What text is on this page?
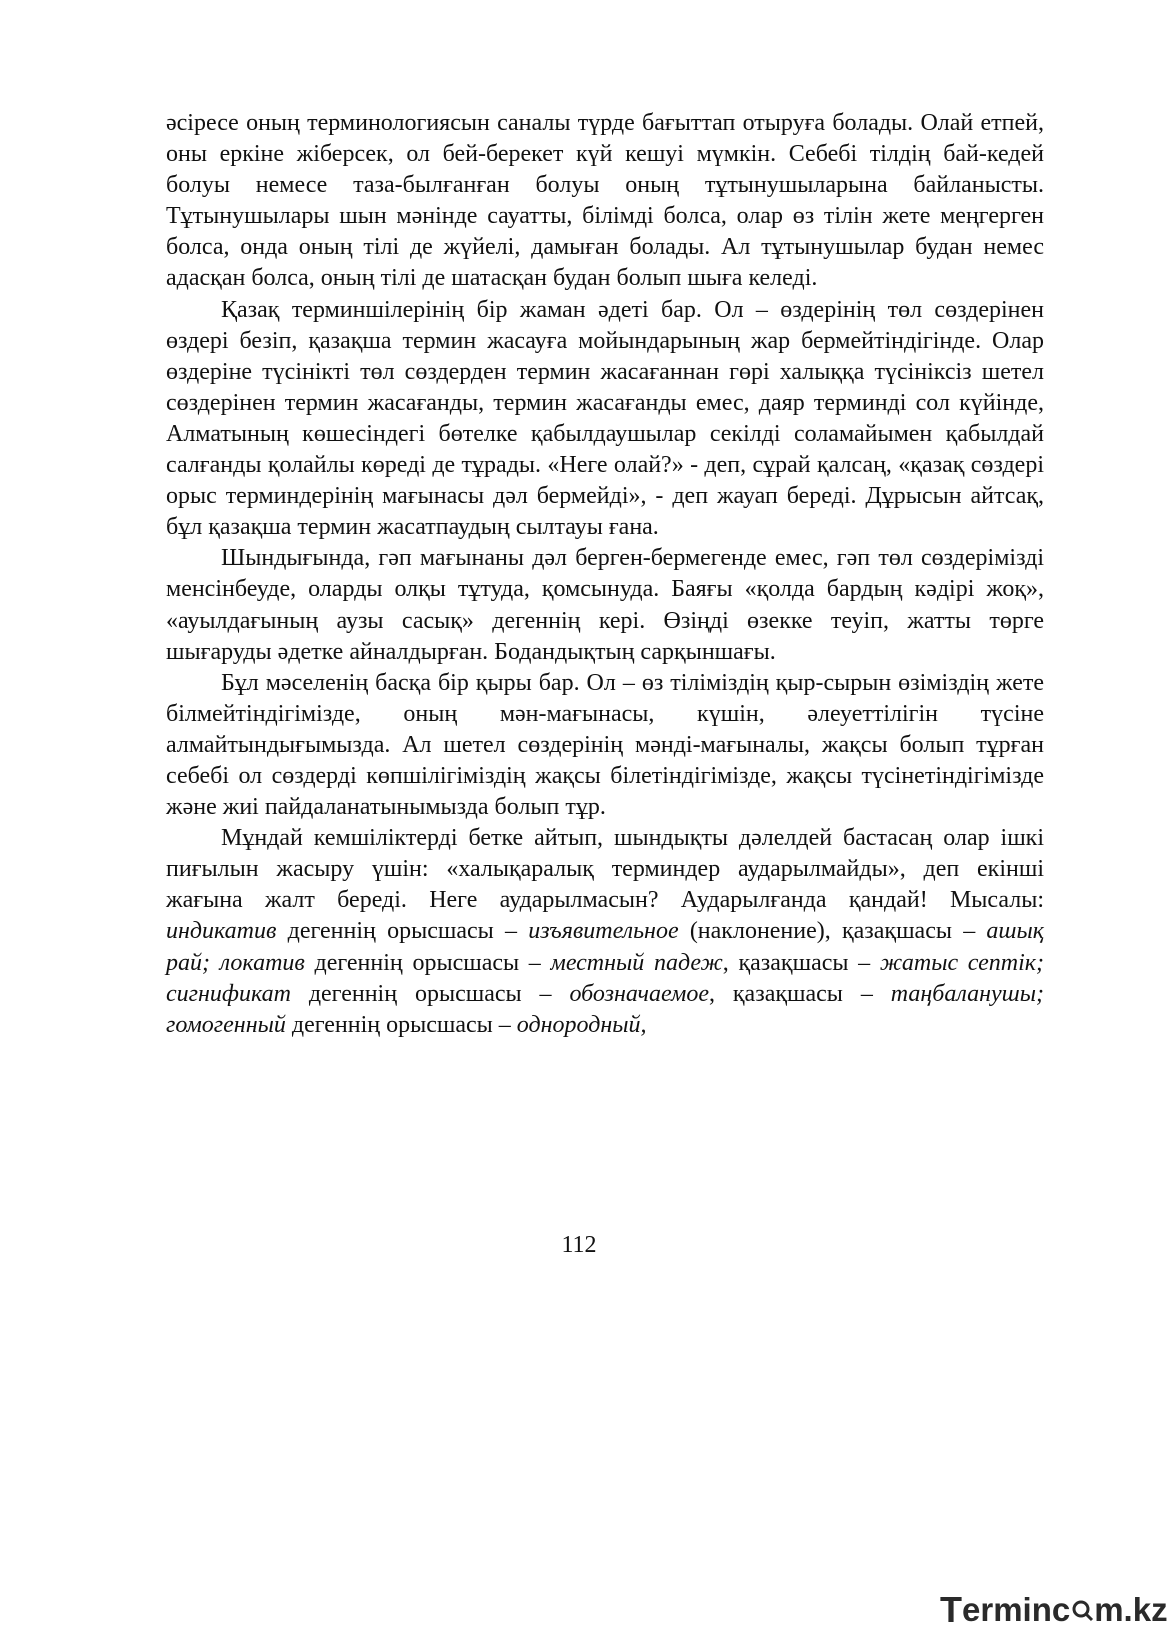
әсіресе оның терминологиясын саналы түрде бағыттап отыруға болады. Олай етпей, оны еркіне жіберсек, ол бей-берекет күй кешуі мүмкін. Себебі тілдің бай-кедей болуы немесе таза-былғанған болуы оның тұтынушыларына байланысты. Тұтынушылары шын мәнінде сауатты, білімді болса, олар өз тілін жете меңгерген болса, онда оның тілі де жүйелі, дамыған болады. Ал тұтынушылар будан немес адасқан болса, оның тілі де шатасқан будан болып шыға келеді.

Қазақ терминшілерінің бір жаман әдеті бар. Ол – өздерінің төл сөздерінен өздері безіп, қазақша термин жасауға мойындарының жар бермейтіндігінде. Олар өздеріне түсінікті төл сөздерден термин жасағаннан гөрі халыққа түсініксіз шетел сөздерінен термин жасағанды, термин жасағанды емес, даяр терминді сол күйінде, Алматының көшесіндегі бөтелке қабылдаушылар секілді соламайымен қабылдай салғанды қолайлы көреді де тұрады. «Неге олай?» - деп, сұрай қалсаң, «қазақ сөздері орыс терминдерінің мағынасы дәл бермейді», - деп жауап береді. Дұрысын айтсақ, бұл қазақша термин жасатпаудың сылтауы ғана.

Шындығында, гәп мағынаны дәл берген-бермегенде емес, гәп төл сөздерімізді менсінбеуде, оларды олқы тұтуда, қомсынуда. Баяғы «қолда бардың кәдірі жоқ», «ауылдағының аузы сасық» дегеннің кері. Өзіңді өзекке теуіп, жатты төрге шығаруды әдетке айналдырған. Бодандықтың сарқыншағы.

Бұл мәселенің басқа бір қыры бар. Ол – өз тіліміздің қыр-сырын өзіміздің жете білмейтіндігімізде, оның мән-мағынасы, күшін, әлеуеттілігін түсіне алмайтындығымызда. Ал шетел сөздерінің мәнді-мағыналы, жақсы болып тұрған себебі ол сөздерді көпшілігіміздің жақсы білетіндігімізде, жақсы түсінетіндігімізде және жиі пайдаланатынымызда болып тұр.

Мұндай кемшіліктерді бетке айтып, шындықты дәлелдей бастасаң олар ішкі пиғылын жасыру үшін: «халықаралық терминдер аударылмайды», деп екінші жағына жалт береді. Неге аударылмасын? Аударылғанда қандай! Мысалы: индикатив дегеннің орысшасы – изъявительное (наклонение), қазақшасы – ашық рай; локатив дегеннің орысшасы – местный падеж, қазақшасы – жатыс септік; сигнификат дегеннің орысшасы – обозначаемое, қазақшасы – таңбаланушы; гомогенный дегеннің орысшасы – однородный,

112
T erminc m.kz
